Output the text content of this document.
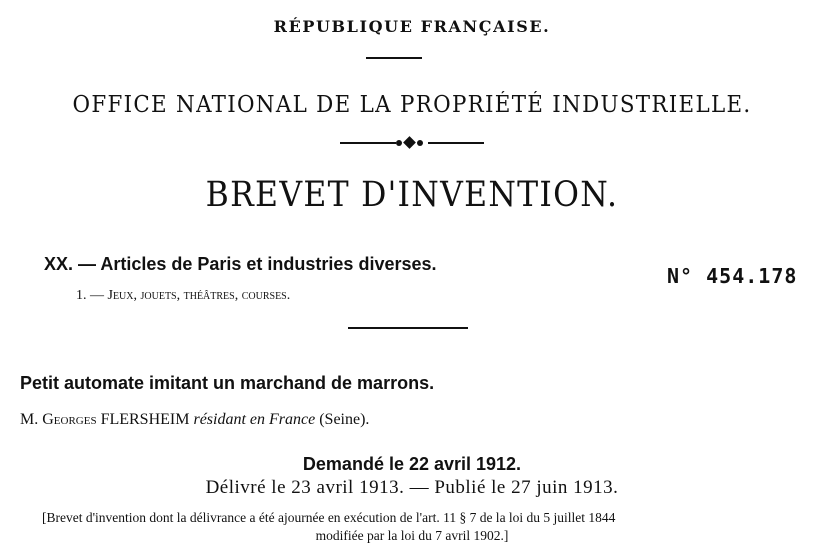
RÉPUBLIQUE FRANÇAISE.
OFFICE NATIONAL DE LA PROPRIÉTÉ INDUSTRIELLE.
BREVET D'INVENTION.
XX. — Articles de Paris et industries diverses.	N° 454.178
1. — Jeux, jouets, théâtres, courses.
Petit automate imitant un marchand de marrons.
M. Georges FLERSHEIM résidant en France (Seine).
Demandé le 22 avril 1912.
Délivré le 23 avril 1913. — Publié le 27 juin 1913.
[Brevet d'invention dont la délivrance a été ajournée en exécution de l'art. 11 § 7 de la loi du 5 juillet 1844
modifiée par la loi du 7 avril 1902.]
